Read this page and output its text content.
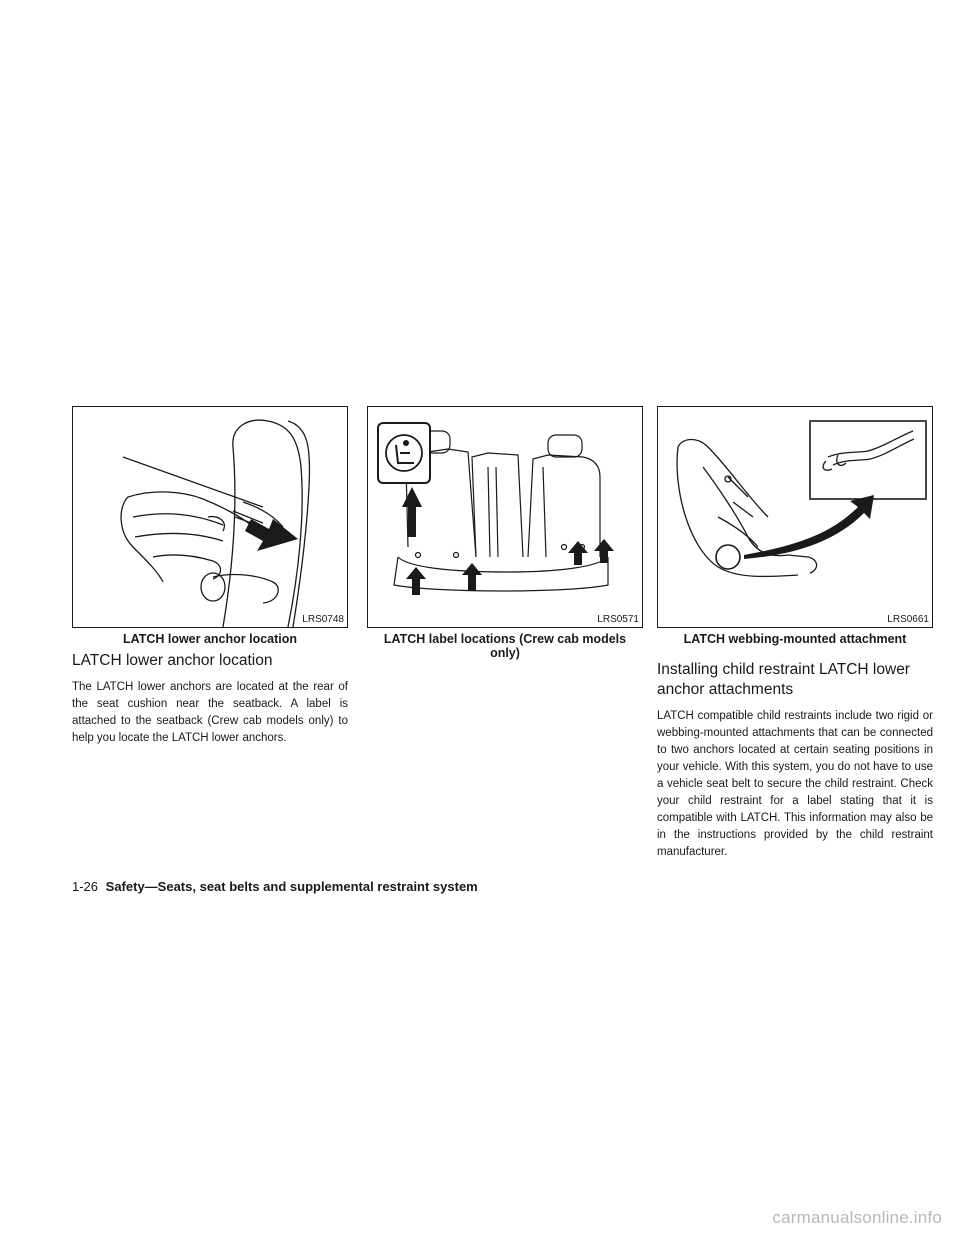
LRS0748
LATCH lower anchor location
LATCH lower anchor location

The LATCH lower anchors are located at the rear of the seat cushion near the seatback. A label is attached to the seatback (Crew cab models only) to help you locate the LATCH lower anchors.

LRS0571
LATCH label locations (Crew cab models only)
LRS0661
LATCH webbing-mounted attachment
Installing child restraint LATCH lower anchor attachments

LATCH compatible child restraints include two rigid or webbing-mounted attachments that can be connected to two anchors located at certain seating positions in your vehicle. With this system, you do not have to use a vehicle seat belt to secure the child restraint. Check your child restraint for a label stating that it is compatible with LATCH. This information may also be in the instructions provided by the child restraint manufacturer.

1-26 Safety—Seats, seat belts and supplemental restraint system
carmanualsonline.info
